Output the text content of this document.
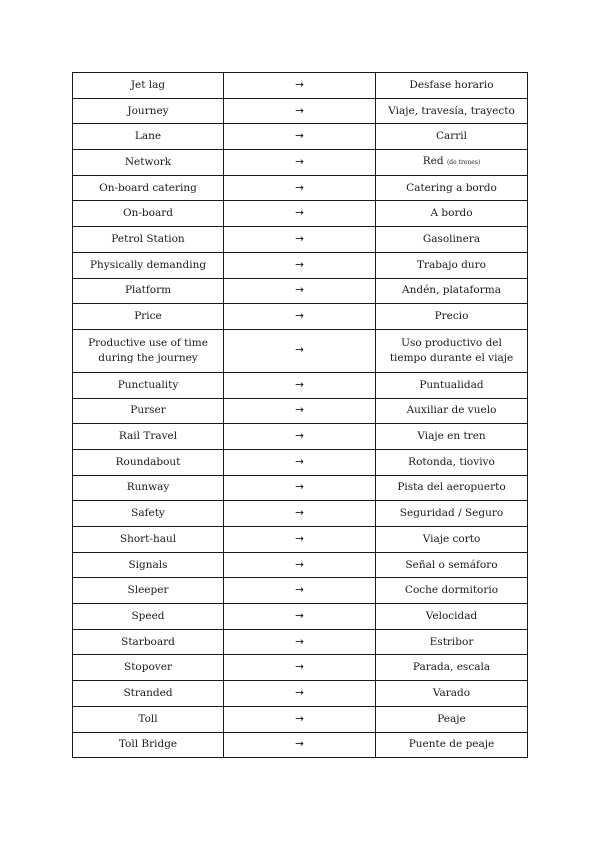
Jet lag	→	Desfase horario
Journey	→	Viaje, travesía, trayecto
Lane	→	Carril
Network	→	Red (de trenes)
On-board catering	→	Catering a bordo
On-board	→	A bordo
Petrol Station	→	Gasolinera
Physically demanding	→	Trabajo duro
Platform	→	Andén, plataforma
Price	→	Precio
Productive use of time during the journey	→	Uso productivo del tiempo durante el viaje
Punctuality	→	Puntualidad
Purser	→	Auxiliar de vuelo
Rail Travel	→	Viaje en tren
Roundabout	→	Rotonda, tiovivo
Runway	→	Pista del aeropuerto
Safety	→	Seguridad / Seguro
Short-haul	→	Viaje corto
Signals	→	Señal o semáforo
Sleeper	→	Coche dormitorio
Speed	→	Velocidad
Starboard	→	Estribor
Stopover	→	Parada, escala
Stranded	→	Varado
Toll	→	Peaje
Toll Bridge	→	Puente de peaje
